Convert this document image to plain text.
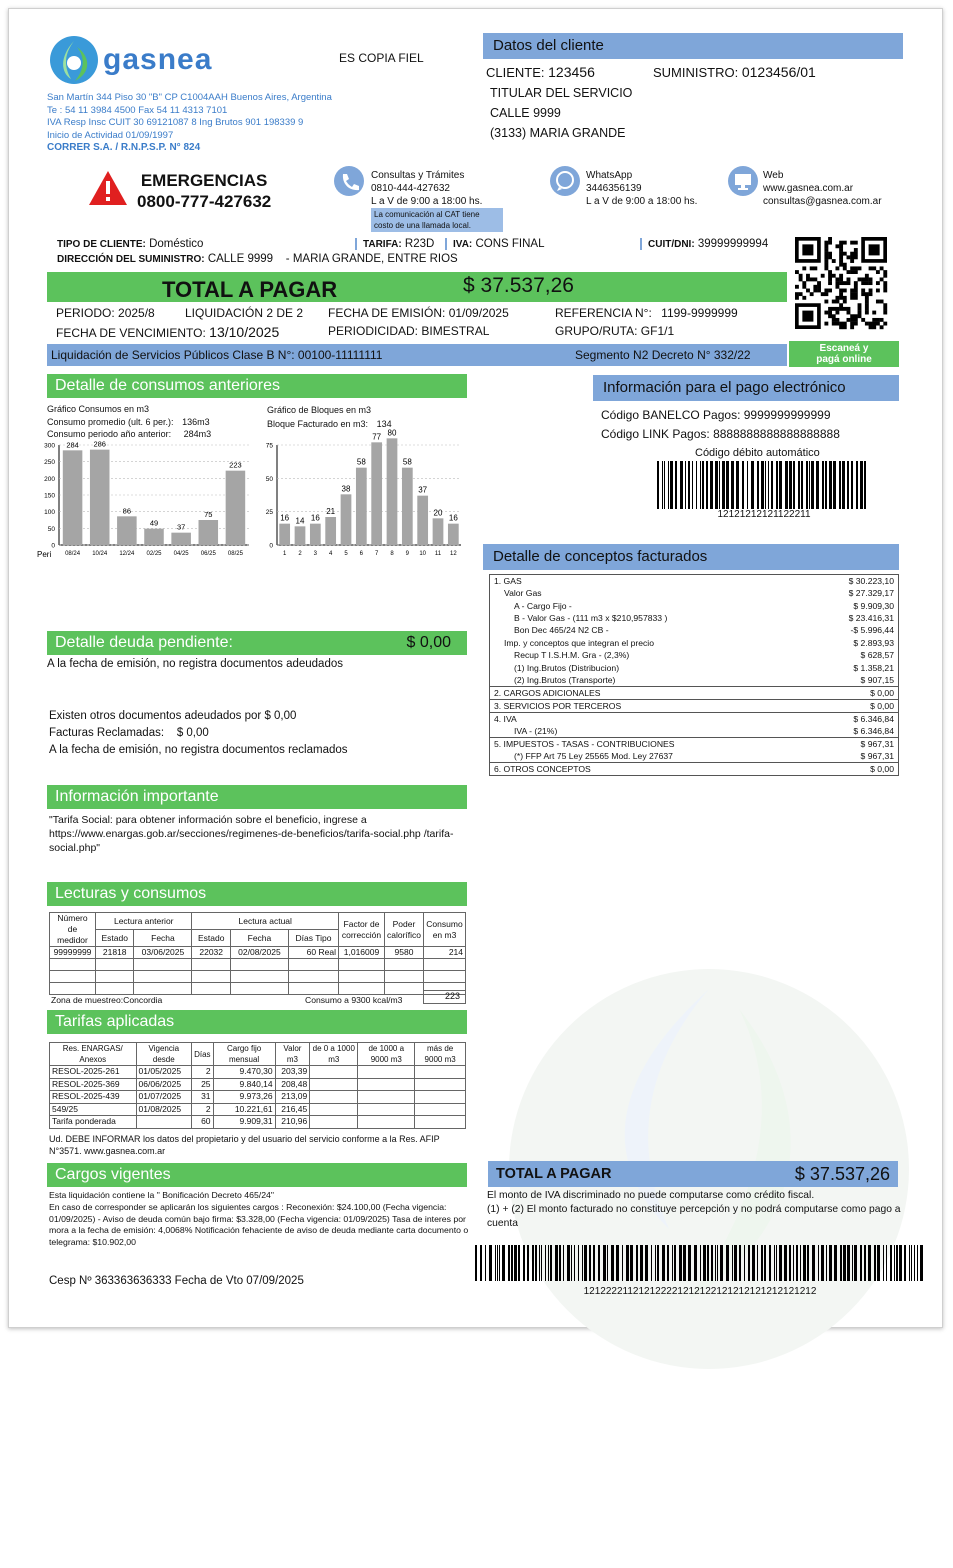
gasnea	ES COPIA FIEL
San Martín 344 Piso 30 "B" CP C1004AAH Buenos Aires, Argentina
Te : 54 11 3984 4500 Fax 54 11 4313 7101
IVA Resp Insc CUIT 30 69121087 8 Ing Brutos 901 198339 9
Inicio de Actividad 01/09/1997
CORRER S.A. / R.N.P.S.P. N° 824
Datos del cliente
CLIENTE: 123456	SUMINISTRO: 0123456/01
TITULAR DEL SERVICIO
CALLE 9999
(3133) MARIA GRANDE
EMERGENCIAS
0800-777-427632
Consultas y Trámites
0810-444-427632
L a V de 9:00 a 18:00 hs.
La comunicación al CAT tiene
costo de una llamada local.
WhatsApp
3446356139
L a V de 9:00 a 18:00 hs.
Web
www.gasnea.com.ar
consultas@gasnea.com.ar
TIPO DE CLIENTE: Doméstico	TARIFA: R23D	IVA: CONS FINAL	CUIT/DNI: 39999999994
DIRECCIÓN DEL SUMINISTRO: CALLE 9999    - MARIA GRANDE, ENTRE RIOS
Escaneá y
pagá online
TOTAL A PAGAR	$ 37.537,26
PERIODO: 2025/8	LIQUIDACIÓN 2 DE 2 FECHA DE EMISIÓN: 01/09/2025	REFERENCIA N°: 1199-9999999
FECHA DE VENCIMIENTO: 13/10/2025	PERIODICIDAD: BIMESTRAL	GRUPO/RUTA: GF1/1
Liquidación de Servicios Públicos Clase B N°: 00100-11111111	Segmento N2 Decreto N° 332/22
Detalle de consumos anteriores
Gráfico Consumos en m3
Consumo promedio (ult. 6 per.): 136m3
Consumo periodo año anterior: 284m3
Gráfico de Bloques en m3
Bloque Facturado en m3: 134
0
50
100
150
200
250
300 284
08/24
286
10/24
86
12/24
49
02/25
37
04/25
75
06/25
223
08/25
Peri
0
25
50
75
16
1
14
2
16
3
21
4
38
5
58
6
77
7
80
8
58
9
37
10
20
11
16
12
Información para el pago electrónico
Código BANELCO Pagos: 9999999999999
Código LINK Pagos: 8888888888888888888
Código débito automático
12121212121122211
Detalle de conceptos facturados
1. GAS	$ 30.223,10
Valor Gas	$ 27.329,17
A - Cargo Fijo -	$ 9.909,30
B - Valor Gas - (111 m3 x $210,957833 )	$ 23.416,31
Bon Dec 465/24 N2 CB -	-$ 5.996,44
Imp. y conceptos que integran el precio	$ 2.893,93
Recup T I.S.H.M. Gra - (2,3%)	$ 628,57
(1) Ing.Brutos (Distribucion)	$ 1.358,21
(2) Ing.Brutos (Transporte)	$ 907,15
2. CARGOS ADICIONALES	$ 0,00
3. SERVICIOS POR TERCEROS	$ 0,00
4. IVA	$ 6.346,84
IVA - (21%)	$ 6.346,84
5. IMPUESTOS - TASAS - CONTRIBUCIONES	$ 967,31
(*) FFP Art 75 Ley 25565 Mod. Ley 27637	$ 967,31
6. OTROS CONCEPTOS	$ 0,00
Detalle deuda pendiente:	$ 0,00
A la fecha de emisión, no registra documentos adeudados
Existen otros documentos adeudados por $ 0,00
Facturas Reclamadas:    $ 0,00
A la fecha de emisión, no registra documentos reclamados
Información importante
"Tarifa Social: para obtener información sobre el beneficio, ingrese a https://www.enargas.gob.ar/secciones/regimenes-de-beneficios/tarifa-social.php /tarifa-social.php"
Lecturas y consumos
Número de medidor	Lectura anterior		Lectura actual			Factor de corrección	Poder calorífico	Consumo en m3
	Estado	Fecha	Estado	Fecha	Días Tipo			
99999999	21818	03/06/2025	22032	02/08/2025	60 Real	1,016009	9580	214

Zona de muestreo:Concordia	Consumo a 9300 kcal/m3	223
Tarifas aplicadas
Res. ENARGAS/ Anexos	Vigencia desde	Días	Cargo fijo mensual	Valor m3	de 0 a 1000 m3	de 1000 a 9000 m3	más de 9000 m3
RESOL-2025-261	01/05/2025	2	9.470,30	203,39			
RESOL-2025-369	06/06/2025	25	9.840,14	208,48			
RESOL-2025-439	01/07/2025	31	9.973,26	213,09			
549/25	01/08/2025	2	10.221,61	216,45			
Tarifa ponderada		60	9.909,31	210,96			
Ud. DEBE INFORMAR los datos del propietario y del usuario del servicio conforme a la Res. AFIP N°3571. www.gasnea.com.ar
Cargos vigentes
Esta liquidación contiene la " Bonificación Decreto 465/24"
En caso de corresponder se aplicarán los siguientes cargos : Reconexión: $24.100,00 (Fecha vigencia: 01/09/2025) - Aviso de deuda común bajo firma: $3.328,00 (Fecha vigencia: 01/09/2025) Tasa de interes por mora a la fecha de emisión: 4,0068% Notificación fehaciente de aviso de deuda mediante carta documento o telegrama: $10.902,00
Cesp Nº 363363636333 Fecha de Vto 07/09/2025
TOTAL A PAGAR	$ 37.537,26
El monto de IVA discriminado no puede computarse como crédito fiscal.
(1) + (2) El monto facturado no constituye percepción y no podrá computarse como pago a cuenta
121222211212122221212122121212121212121212
